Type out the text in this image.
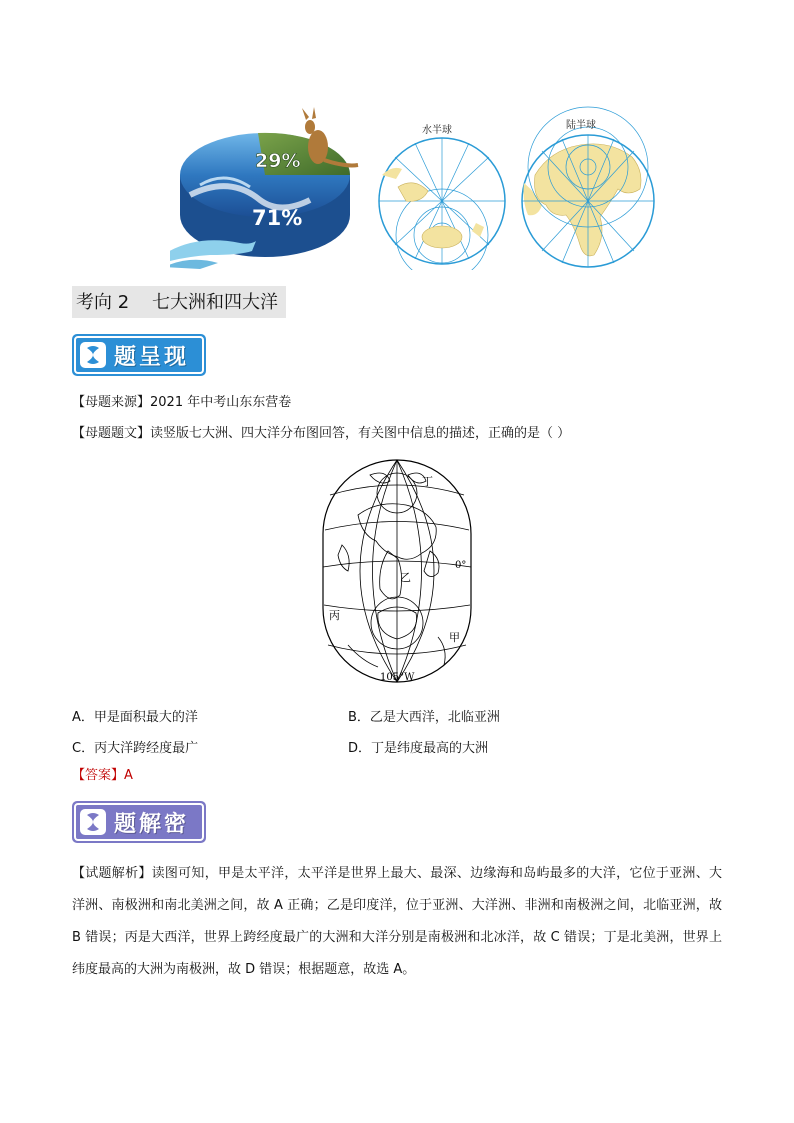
29%
71%
水半球	陆半球
考向 2    七大洲和四大洋
题呈现
【母题来源】2021 年中考山东东营卷
【母题题文】读竖版七大洲、四大洋分布图回答，有关图中信息的描述，正确的是（ ）
丁
乙
0°
丙
甲
105°W
A．甲是面积最大的洋	B．乙是大西洋，北临亚洲
C．丙大洋跨经度最广	D．丁是纬度最高的大洲
【答案】A
题解密
【试题解析】读图可知，甲是太平洋，太平洋是世界上最大、最深、边缘海和岛屿最多的大洋，它位于亚洲、大洋洲、南极洲和南北美洲之间，故 A 正确；乙是印度洋，位于亚洲、大洋洲、非洲和南极洲之间，北临亚洲，故 B 错误；丙是大西洋，世界上跨经度最广的大洲和大洋分别是南极洲和北冰洋，故 C 错误；丁是北美洲，世界上纬度最高的大洲为南极洲，故 D 错误；根据题意，故选 A。
